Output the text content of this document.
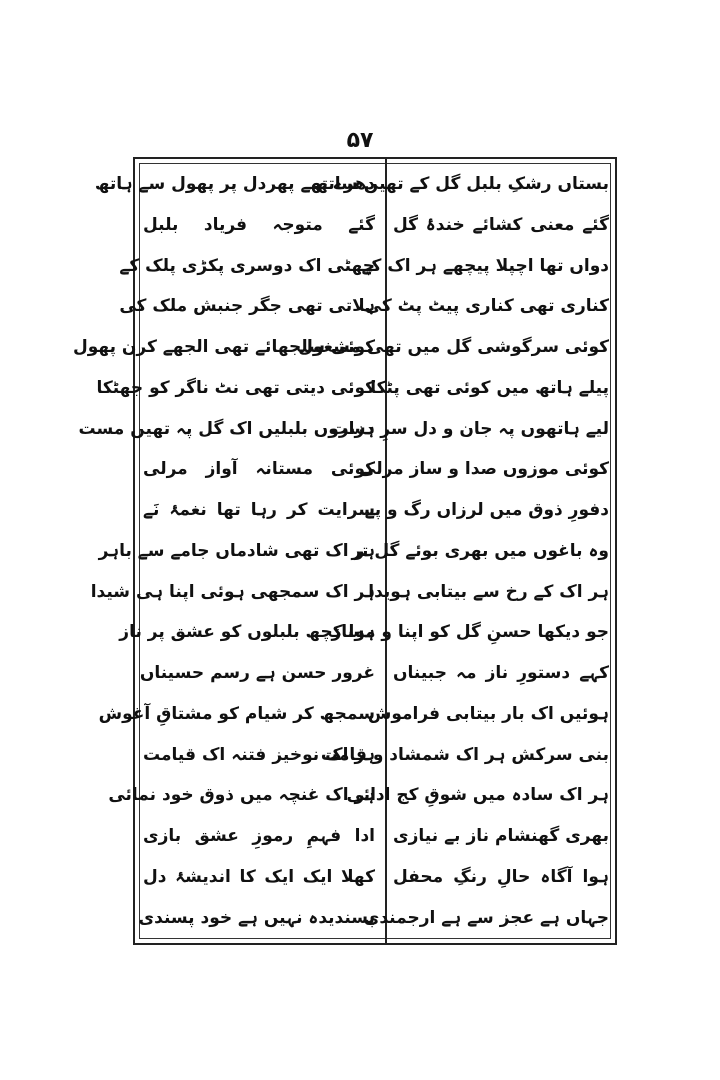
۵۷
بستاں رشکِ بلبل گل کے تھیں ساتھ
گئے معنی کشائے خندۂ گل
دواں تھا اچپلا پیچھے ہر اک کے
کناری تھی کناری پیٹ پٹ کی
کوئی سرگوشی گل میں تھی مشغول
پیلے ہاتھ میں کوئی تھی پٹکا
لیے ہاتھوں پہ جان و دل سرِ دست
کوئی موزوں صدا و ساز مرلی
دفورِ ذوق میں لرزاں رگ و پے
وہ باغوں میں بھری بوئے گل تر
ہر اک کے رخ سے بیتابی ہویدا
جو دیکھا حسنِ گل کو اپنا و مساز
کہے دستورِ ناز مہ جبیناں
ہوئیں اک بار بیتابی فراموش
بنی سرکش ہر اک شمشاد و قامت
ہر اک سادہ میں شوقِ کج ادائی
بھری گھنشام ناز بے نیازی
ہوا آگاہ حالِ رنگِ محفل
جہاں ہے عجز سے ہے ارجمندی
دھرے تھے پھردل پر پھول سے ہاتھ
گئے متوجہ فریاد بلبل
چھٹی اک دوسری پکڑی پلک کے
ہلاتی تھی جگر جنبش ملک کی
کوئی سلجھائے تھی الجھے کرن پھول
کوئی دیتی تھی نٹ ناگر کو جھٹکا
ہزاروں بلبلیں اک گل پہ تھیں مست
کوئی مستانہ آواز مرلی
سرایت کر رہا تھا نغمۂ نَے
ہر اک تھی شادماں جامے سے باہر
ہر اک سمجھی ہوئی اپنا ہی شیدا
ہوا کچھ بلبلوں کو عشق پر ناز
غرور حسن ہے رسم حسیناں
سمجھ کر شیام کو مشتاقِ آغوش
ہر اک نوخیز فتنہ اک قیامت
ہر اک غنچہ میں ذوق خود نمائی
ادا فہمِ رموزِ عشق بازی
کھلا ایک ایک کا اندیشۂ دل
پسندیدہ نہیں ہے خود پسندی
